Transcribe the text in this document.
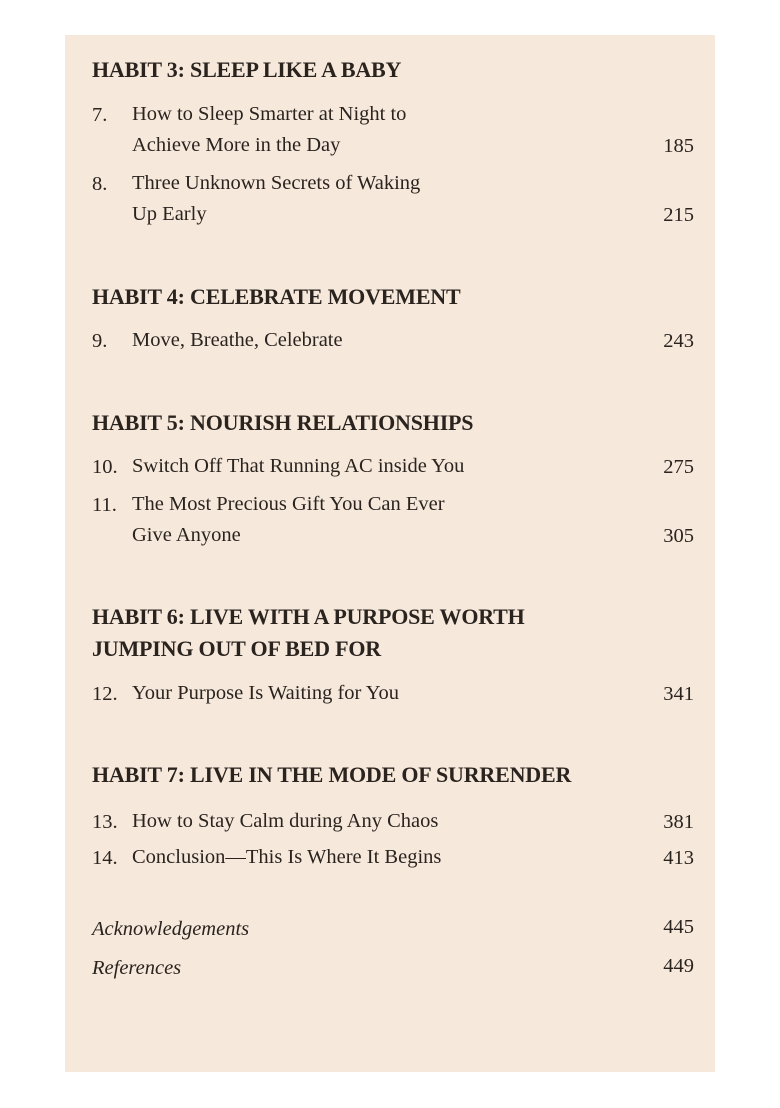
HABIT 3: SLEEP LIKE A BABY
7. How to Sleep Smarter at Night to
Achieve More in the Day	185
8. Three Unknown Secrets of Waking
Up Early	215
HABIT 4: CELEBRATE MOVEMENT
9. Move, Breathe, Celebrate	243
HABIT 5: NOURISH RELATIONSHIPS
10. Switch Off That Running AC inside You	275
11. The Most Precious Gift You Can Ever
Give Anyone	305
HABIT 6: LIVE WITH A PURPOSE WORTH
JUMPING OUT OF BED FOR
12. Your Purpose Is Waiting for You	341
HABIT 7: LIVE IN THE MODE OF SURRENDER
13. How to Stay Calm during Any Chaos	381
14. Conclusion—This Is Where It Begins	413
Acknowledgements	445
References	449
